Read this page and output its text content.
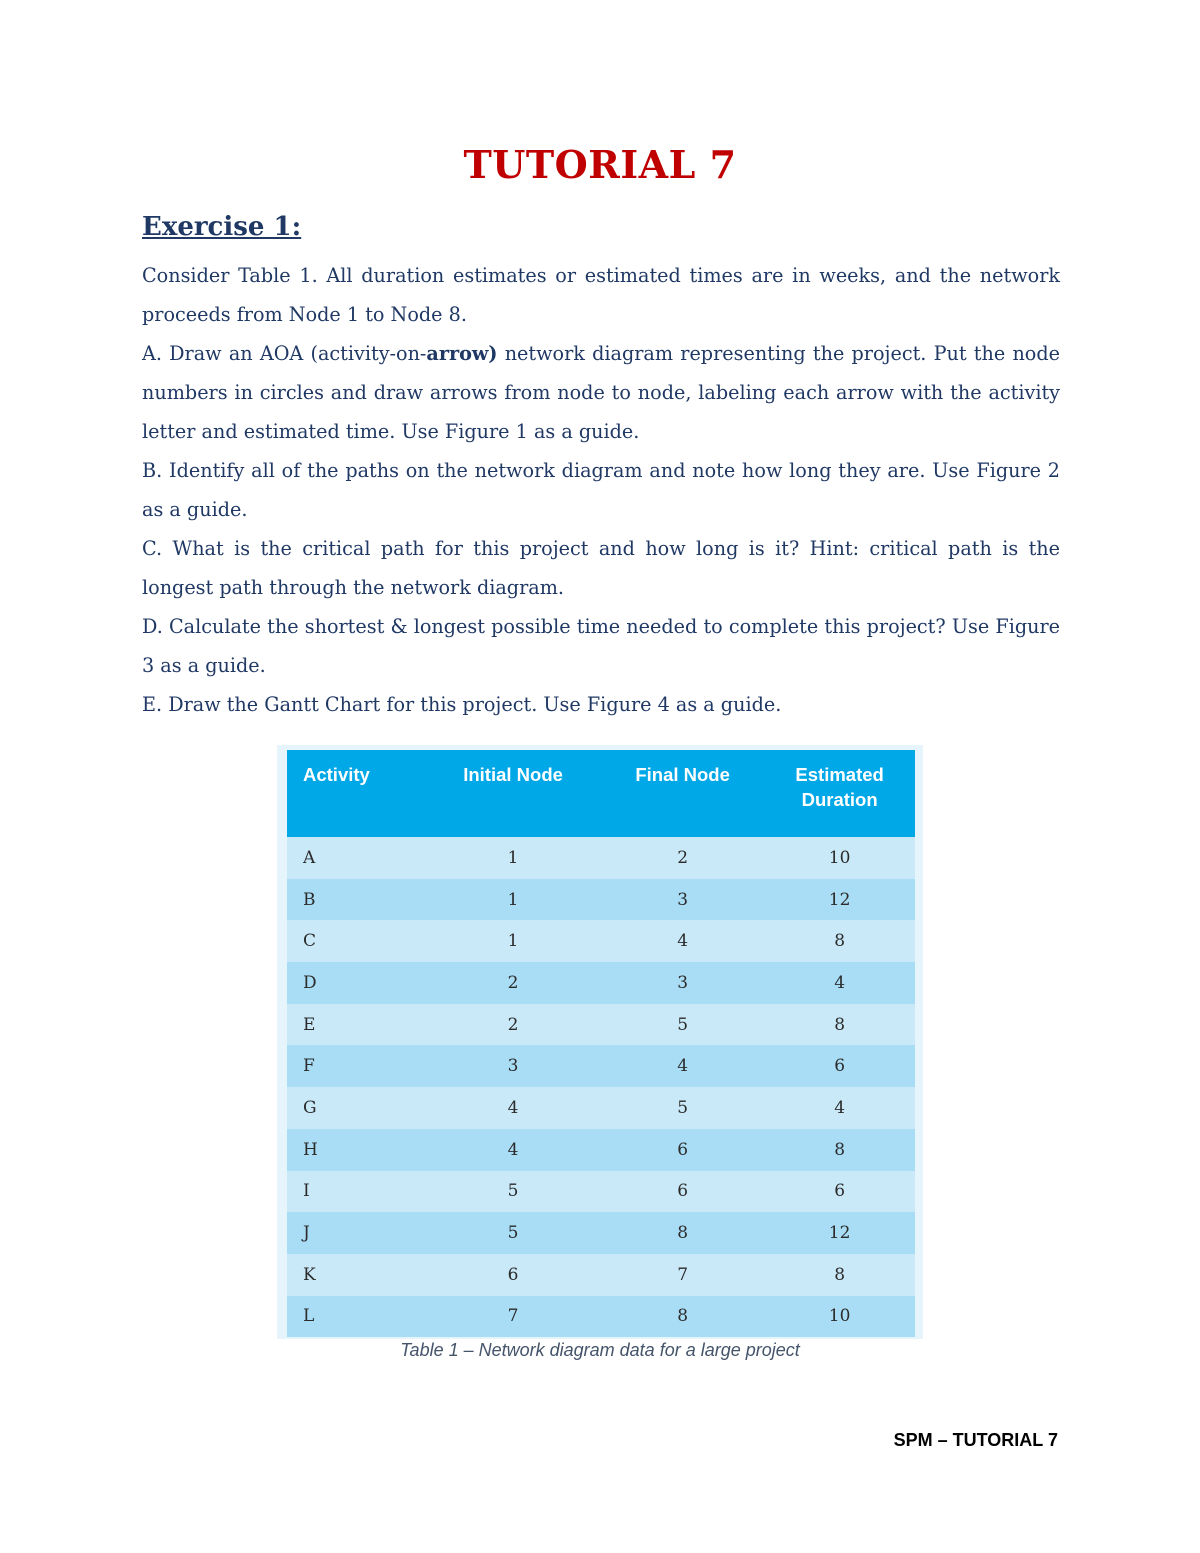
TUTORIAL 7
Exercise 1:

Consider Table 1. All duration estimates or estimated times are in weeks, and the network proceeds from Node 1 to Node 8.

A. Draw an AOA (activity-on-arrow) network diagram representing the project. Put the node numbers in circles and draw arrows from node to node, labeling each arrow with the activity letter and estimated time. Use Figure 1 as a guide.

B. Identify all of the paths on the network diagram and note how long they are. Use Figure 2 as a guide.

C. What is the critical path for this project and how long is it? Hint: critical path is the longest path through the network diagram.

D. Calculate the shortest & longest possible time needed to complete this project? Use Figure 3 as a guide.

E. Draw the Gantt Chart for this project. Use Figure 4 as a guide.

Activity	Initial Node	Final Node	Estimated Duration
A	1	2	10
B	1	3	12
C	1	4	8
D	2	3	4
E	2	5	8
F	3	4	6
G	4	5	4
H	4	6	8
I	5	6	6
J	5	8	12
K	6	7	8
L	7	8	10

Table 1 – Network diagram data for a large project

SPM – TUTORIAL 7
